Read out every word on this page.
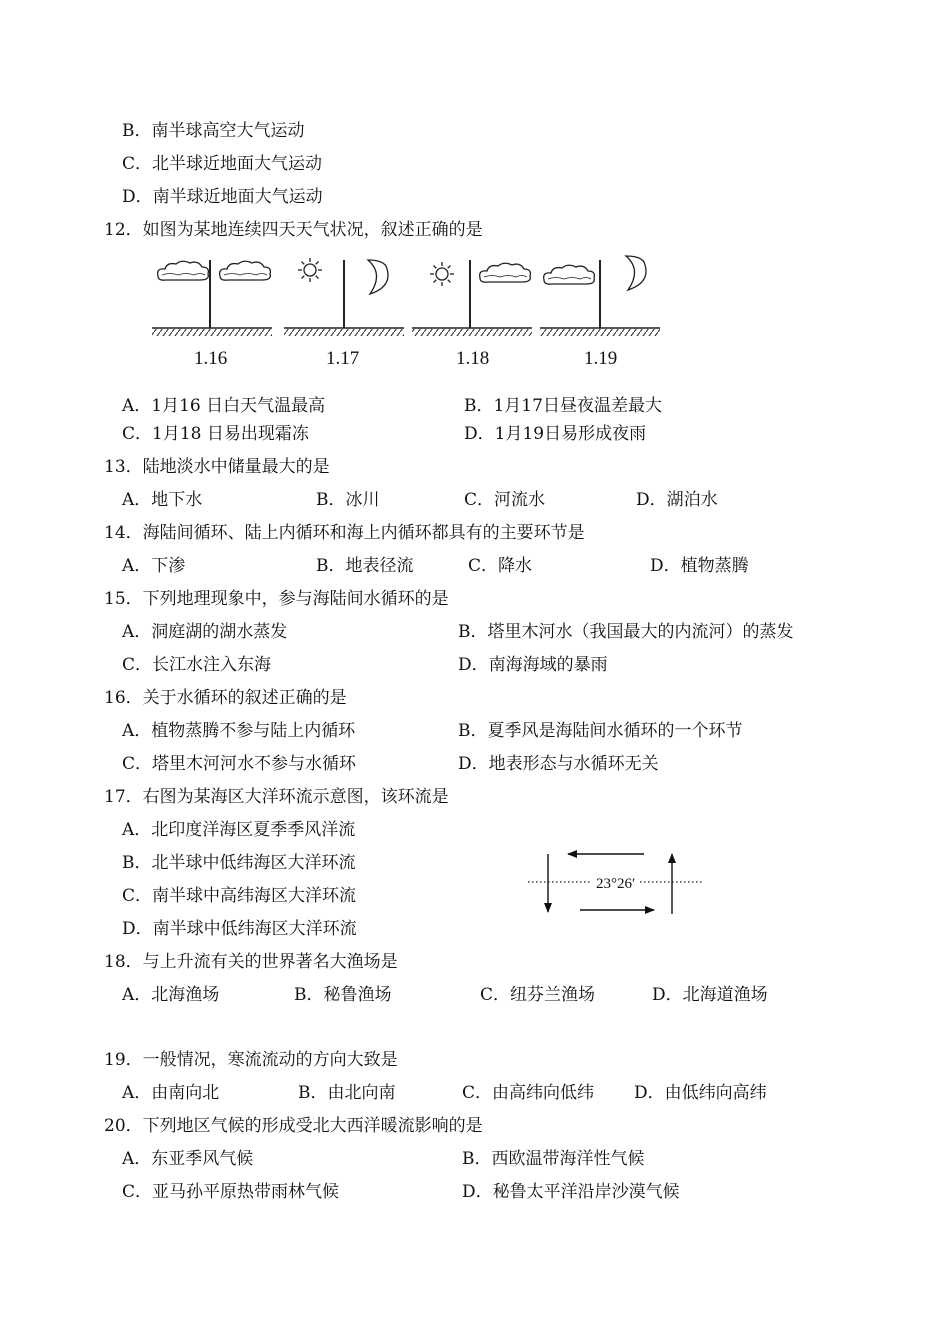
B．南半球高空大气运动
C．北半球近地面大气运动
D．南半球近地面大气运动
12．如图为某地连续四天天气状况，叙述正确的是
1.16	1.17	1.18	1.19
A．1月16 日白天气温最高	B．1月17日昼夜温差最大
C．1月18 日易出现霜冻	D．1月19日易形成夜雨
13．陆地淡水中储量最大的是
A．地下水	B．冰川	C．河流水	D．湖泊水
14．海陆间循环、陆上内循环和海上内循环都具有的主要环节是
A．下渗	B．地表径流	C．降水	D．植物蒸腾
15．下列地理现象中，参与海陆间水循环的是
A．洞庭湖的湖水蒸发	B．塔里木河水（我国最大的内流河）的蒸发
C．长江水注入东海	D．南海海域的暴雨
16．关于水循环的叙述正确的是
A．植物蒸腾不参与陆上内循环	B．夏季风是海陆间水循环的一个环节
C．塔里木河河水不参与水循环	D．地表形态与水循环无关
17．右图为某海区大洋环流示意图，该环流是
A．北印度洋海区夏季季风洋流
B．北半球中低纬海区大洋环流
C．南半球中高纬海区大洋环流
D．南半球中低纬海区大洋环流
23°26′
18．与上升流有关的世界著名大渔场是
A．北海渔场	B．秘鲁渔场	C．纽芬兰渔场	D．北海道渔场
19．一般情况，寒流流动的方向大致是
A．由南向北	B．由北向南	C．由高纬向低纬 D．由低纬向高纬
20．下列地区气候的形成受北大西洋暖流影响的是
A．东亚季风气候	B．西欧温带海洋性气候
C．亚马孙平原热带雨林气候	D．秘鲁太平洋沿岸沙漠气候
